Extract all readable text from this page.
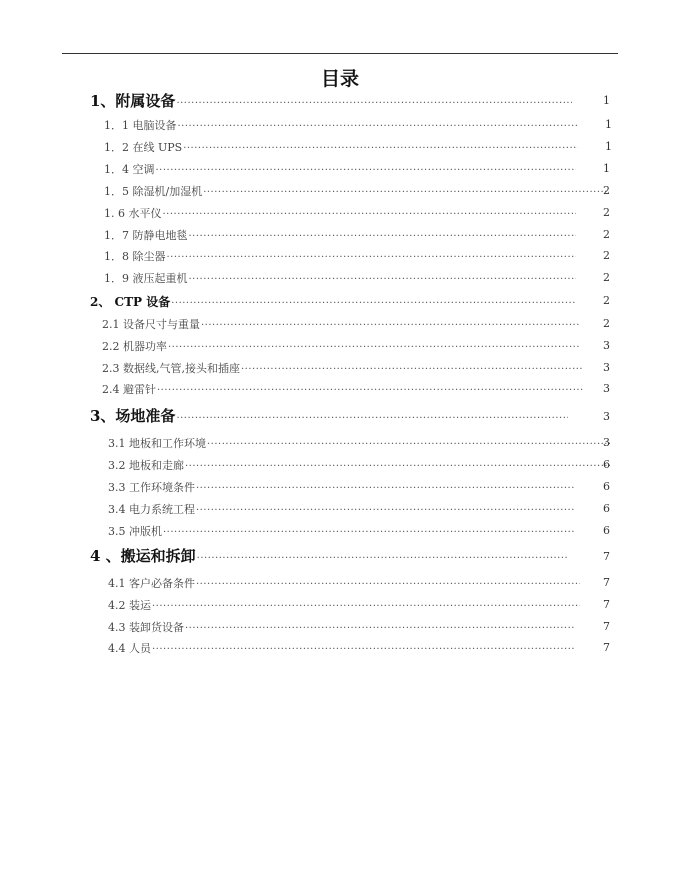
目录
1、附属设备 ·····	1
1．1 电脑设备 ·····	1
1．2 在线 UPS ·····	1
1．4 空调 ·····	1
1．5 除湿机/加湿机 ·····	2
1. 6 水平仪 ·····	2
1．7 防静电地毯 ·····	2
1．8 除尘器 ·····	2
1．9 液压起重机 ·····	2
2、 CTP 设备 ·····	2
2.1 设备尺寸与重量 ·····	2
2.2 机器功率 ·····	3
2.3 数据线,气管,接头和插座 ·····	3
2.4 避雷针 ·····	3
3、场地准备 ·····	3
3.1 地板和工作环境 ·····	3
3.2 地板和走廊 ·····	6
3.3 工作环境条件 ·····	6
3.4 电力系统工程 ·····	6
3.5 冲版机 ·····	6
4 、搬运和拆卸 ·····	7
4.1 客户必备条件 ·····	7
4.2 装运 ·····	7
4.3 装卸货设备 ·····	7
4.4 人员 ·····	7
